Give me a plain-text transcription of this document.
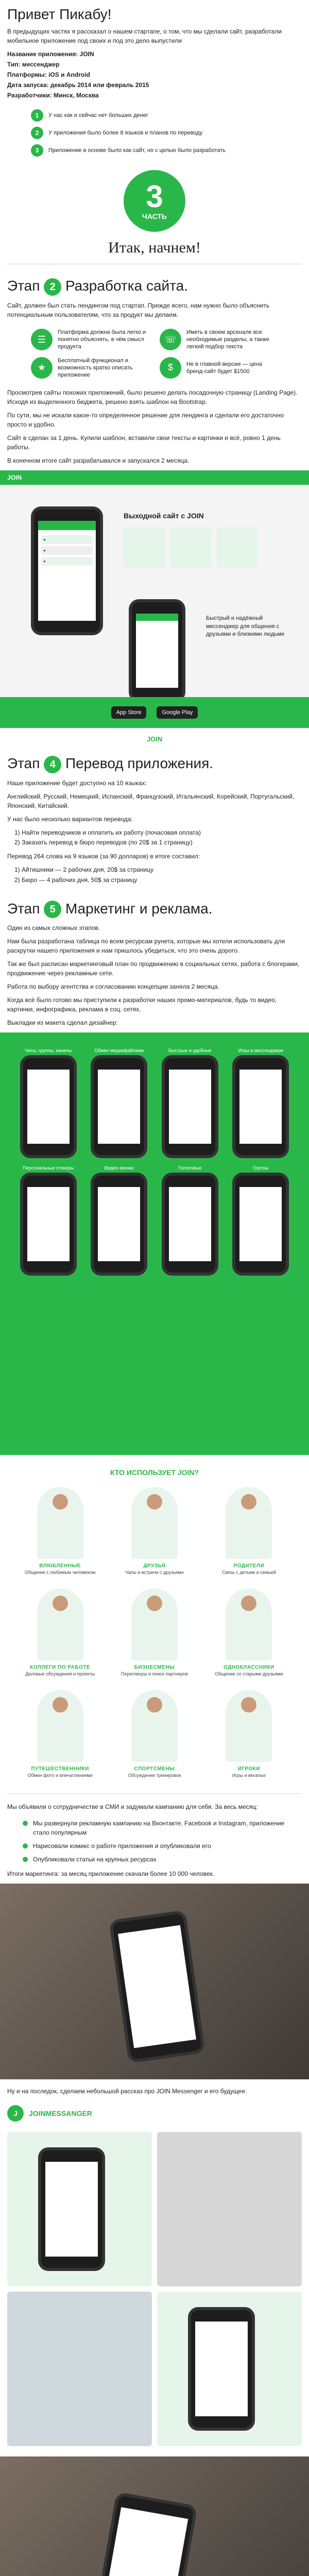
Привет Пикабу!

В предыдущих частях я рассказал о нашем стартапе, о том, что мы сделали сайт, разработали мобильное приложение под своих и под это дело выпустили

Название приложения: JOIN

Тип: мессенджер

Платформы: iOS и Android

Дата запуска: декабрь 2014 или февраль 2015

Разработчики: Минск, Москва

1	У нас как и сейчас нет больших денег
2	У приложения было более 8 языков и планов по переводу
3	Приложение в основе было как сайт, но с целью было разработать
3
ЧАСТЬ
Итак, начнем!
Этап 2 Разработка сайта.

Сайт, должен был стать лендингом под стартап. Прежде всего, нам нужно было объяснить потенциальным пользователям, что за продукт мы делаем.

☰
Платформа должна была легко и понятно объяснять, в чём смысл продукта
☏
Иметь в своем арсенале все необходимые разделы, а также легкий подбор текста
★
Бесплатный функционал и возможность кратко описать приложение
$	Не в главной версии — цена бренд-сайт будет $1500

Просмотрев сайты похожих приложений, было решено делать посадочную страницу (Landing Page). Исходя из выделенного бюджета, решено взять шаблон на Bootstrap.

По сути, мы не искали какое-то определенное решение для лендинга и сделали его достаточно просто и удобно.

Сайт в сделан за 1 день. Купили шаблон, вставили свои тексты и картинки и всё, ровно 1 день работы.

В конечном итоге сайт разрабатывался и запускался 2 месяца.

JOIN
●
●
●
Выходной сайт с JOIN
Быстрый и надёжный мессенджер для общения с друзьями и близкими людьми
App Store	Google Play
JOIN
Этап 4 Перевод приложения.

Наше приложение будет доступно на 10 языках:

Английский, Русский, Немецкий, Испанский, Французский, Итальянский, Корейский, Португальский, Японский, Китайский.

У нас было несколько вариантов перевода:

1) Найти переводчиков и оплатить их работу (почасовая оплата)
2) Заказать перевод в бюро переводов (по 20$ за 1 страницу)

Перевод 264 слова на 9 языков (за 90 долларов) в итоге составил:

1) Айтишники — 2 рабочих дня, 20$ за страницу
2) Бюро — 4 рабочих дня, 50$ за страницу
Этап 5 Маркетинг и реклама.

Один из самых сложных этапов.

Нам была разработана таблица по всем ресурсам рунета, которые мы хотели использовать для раскрутки нашего приложения и нам пришлось убедиться, что это очень дорого.

Так же был расписан маркетинговый план по продвижению в социальных сетях, работа с блогерами, продвижение через рекламные сети.

Работа по выбору агентства и согласованию концепции заняла 2 месяца.

Когда всё было готово мы приступили к разработке наших промо-материалов, будь то видео, картинки, инфографика, реклама в соц. сетях.

Выкладки из макета сделал дизайнер:

Чаты, группы, каналы	Обмен медиафайлами	Быстрые и удобные	Игры в мессенджере
Персональные стикеры	Видео-звонки	Голосовые	Группы
КТО ИСПОЛЬЗУЕТ JOIN?
ВЛЮБЛЕННЫЕ
Общение с любимым человеком
ДРУЗЬЯ
Чаты и встречи с друзьями
РОДИТЕЛИ
Связь с детьми и семьей
КОЛЛЕГИ ПО РАБОТЕ
Деловые обсуждения и проекты
БИЗНЕСМЕНЫ
Переговоры и поиск партнеров
ОДНОКЛАССНИКИ
Общение со старыми друзьями
ПУТЕШЕСТВЕННИКИ
Обмен фото и впечатлениями
СПОРТСМЕНЫ
Обсуждение тренировок
ИГРОКИ
Игры и веселье

Мы объявили о сотрудничестве в СМИ и задумали кампанию для себя. За весь месяц:

Мы развернули рекламную кампанию на Вконтакте, Facebook и Instagram, приложение стало популярным
Нарисовали комикс о работе приложения и опубликовали его
Опубликовали статьи на крупных ресурсах

Итоги маркетинга: за месяц приложение скачали более 10 000 человек.

Ну и на последок, сделаем небольшой рассказ про JOIN Messenger и его будущее.

J	JOINMESSANGER
